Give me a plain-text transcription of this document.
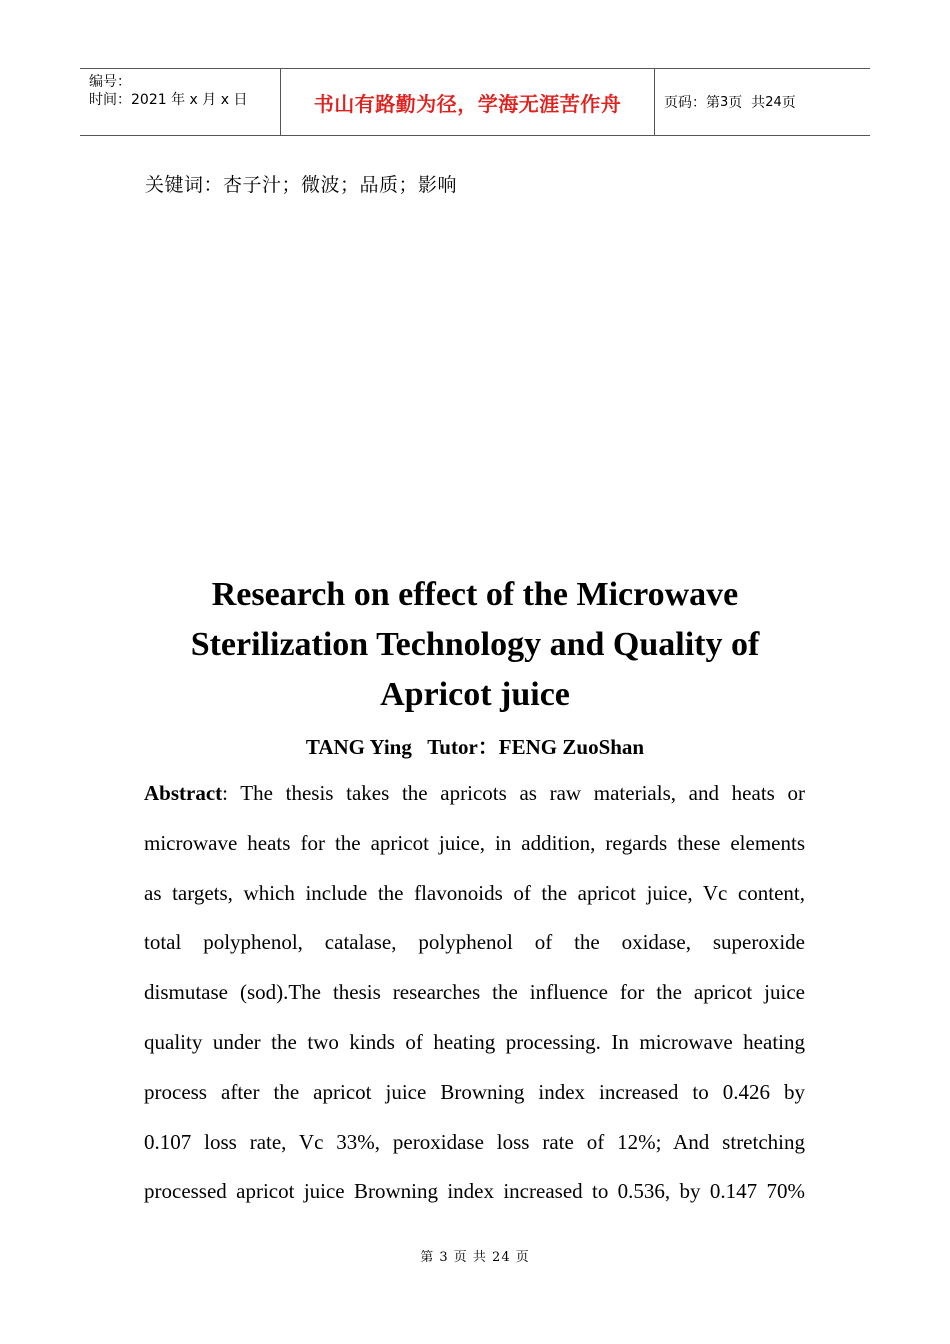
编号：
时间：2021 年 x 月 x 日	书山有路勤为径，学海无涯苦作舟	页码：第 3 页  共 24 页
关键词：杏子汁；微波；品质；影响
Research on effect of the Microwave
Sterilization Technology and Quality of
Apricot juice
TANG Ying   Tutor：FENG ZuoShan
Abstract: The thesis takes the apricots as raw materials, and heats or
microwave heats for the apricot juice, in addition, regards these elements
as targets, which include the flavonoids of the apricot juice, Vc content,
total polyphenol, catalase, polyphenol of the oxidase, superoxide
dismutase (sod).The thesis researches the influence for the apricot juice
quality under the two kinds of heating processing. In microwave heating
process after the apricot juice Browning index increased to 0.426 by
0.107 loss rate, Vc 33%, peroxidase loss rate of 12%; And stretching
processed apricot juice Browning index increased to 0.536, by 0.147 70%
第 3 页 共 24 页
